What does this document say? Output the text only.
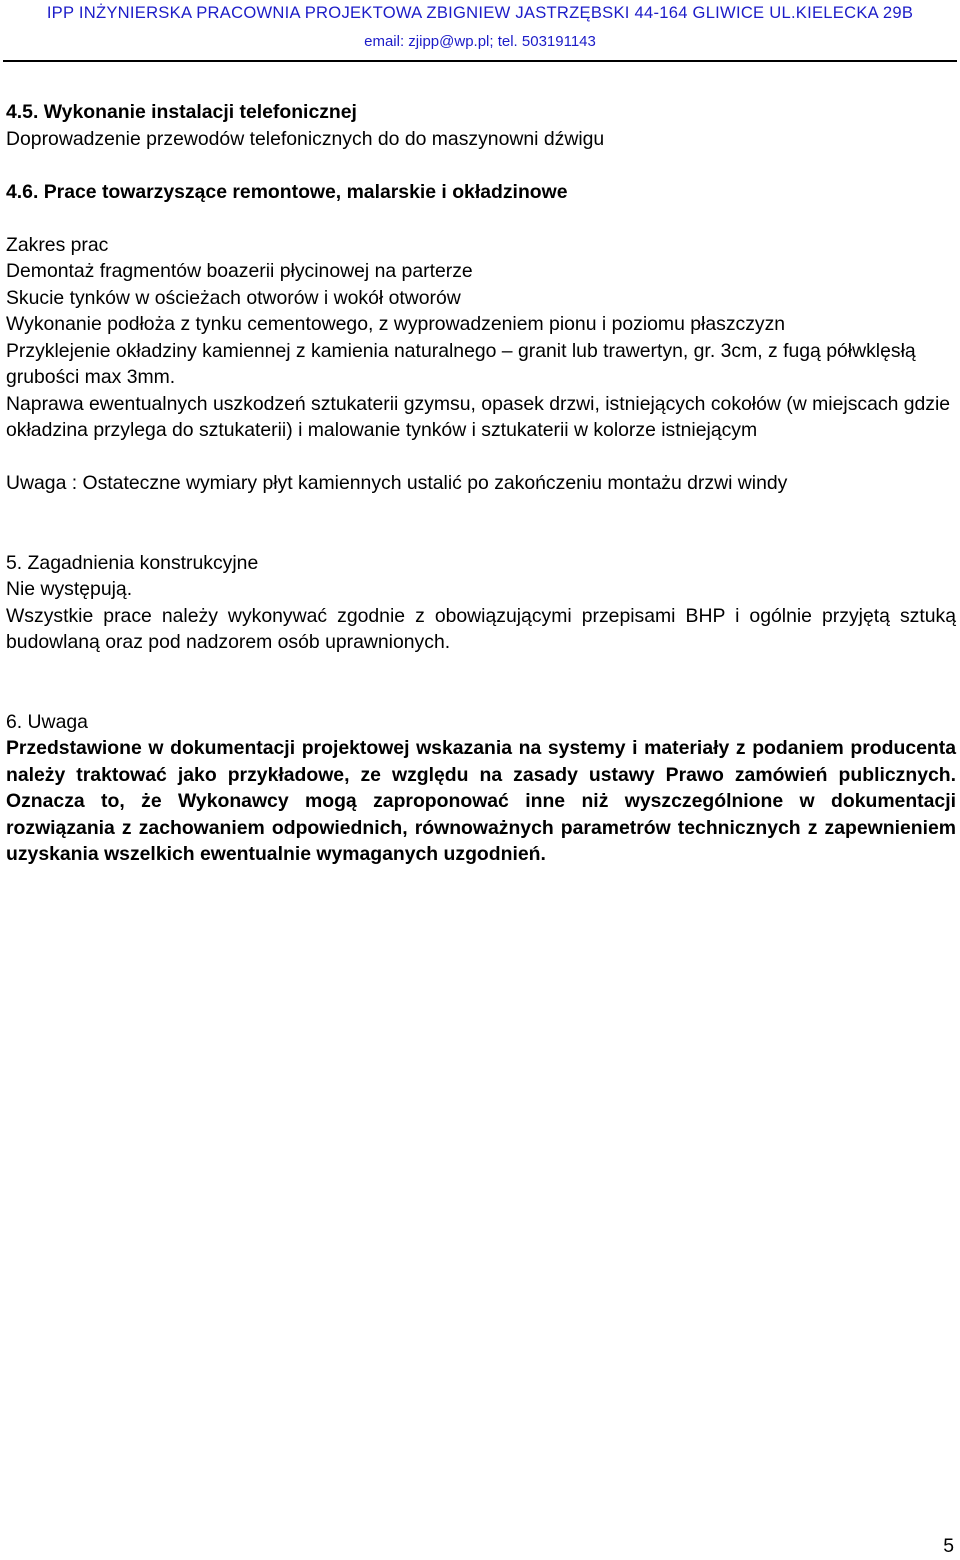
IPP INŻYNIERSKA PRACOWNIA PROJEKTOWA ZBIGNIEW JASTRZĘBSKI 44-164 GLIWICE UL.KIELECKA 29B
email: zjipp@wp.pl; tel. 503191143

4.5. Wykonanie instalacji telefonicznej

Doprowadzenie przewodów telefonicznych do do maszynowni dźwigu

4.6. Prace towarzyszące remontowe, malarskie i okładzinowe

Zakres prac

Demontaż fragmentów boazerii płycinowej na parterze

Skucie tynków w ościeżach otworów i wokół otworów

Wykonanie podłoża z tynku cementowego, z wyprowadzeniem pionu i poziomu płaszczyzn

Przyklejenie okładziny kamiennej z kamienia naturalnego – granit lub trawertyn, gr. 3cm, z fugą półwklęsłą grubości max 3mm.

Naprawa ewentualnych uszkodzeń sztukaterii gzymsu, opasek drzwi, istniejących cokołów (w miejscach gdzie okładzina przylega do sztukaterii) i malowanie tynków i sztukaterii w kolorze istniejącym

Uwaga : Ostateczne wymiary płyt kamiennych ustalić po zakończeniu montażu drzwi windy

5. Zagadnienia konstrukcyjne

Nie występują.

Wszystkie prace należy wykonywać zgodnie z obowiązującymi przepisami BHP i ogólnie przyjętą sztuką budowlaną oraz pod nadzorem osób uprawnionych.

6. Uwaga

Przedstawione w dokumentacji projektowej wskazania na systemy i materiały z podaniem producenta należy traktować jako przykładowe, ze względu na zasady ustawy Prawo zamówień publicznych. Oznacza to, że Wykonawcy mogą zaproponować inne niż wyszczególnione w dokumentacji rozwiązania z zachowaniem odpowiednich, równoważnych parametrów technicznych z zapewnieniem uzyskania wszelkich ewentualnie wymaganych uzgodnień.

5
